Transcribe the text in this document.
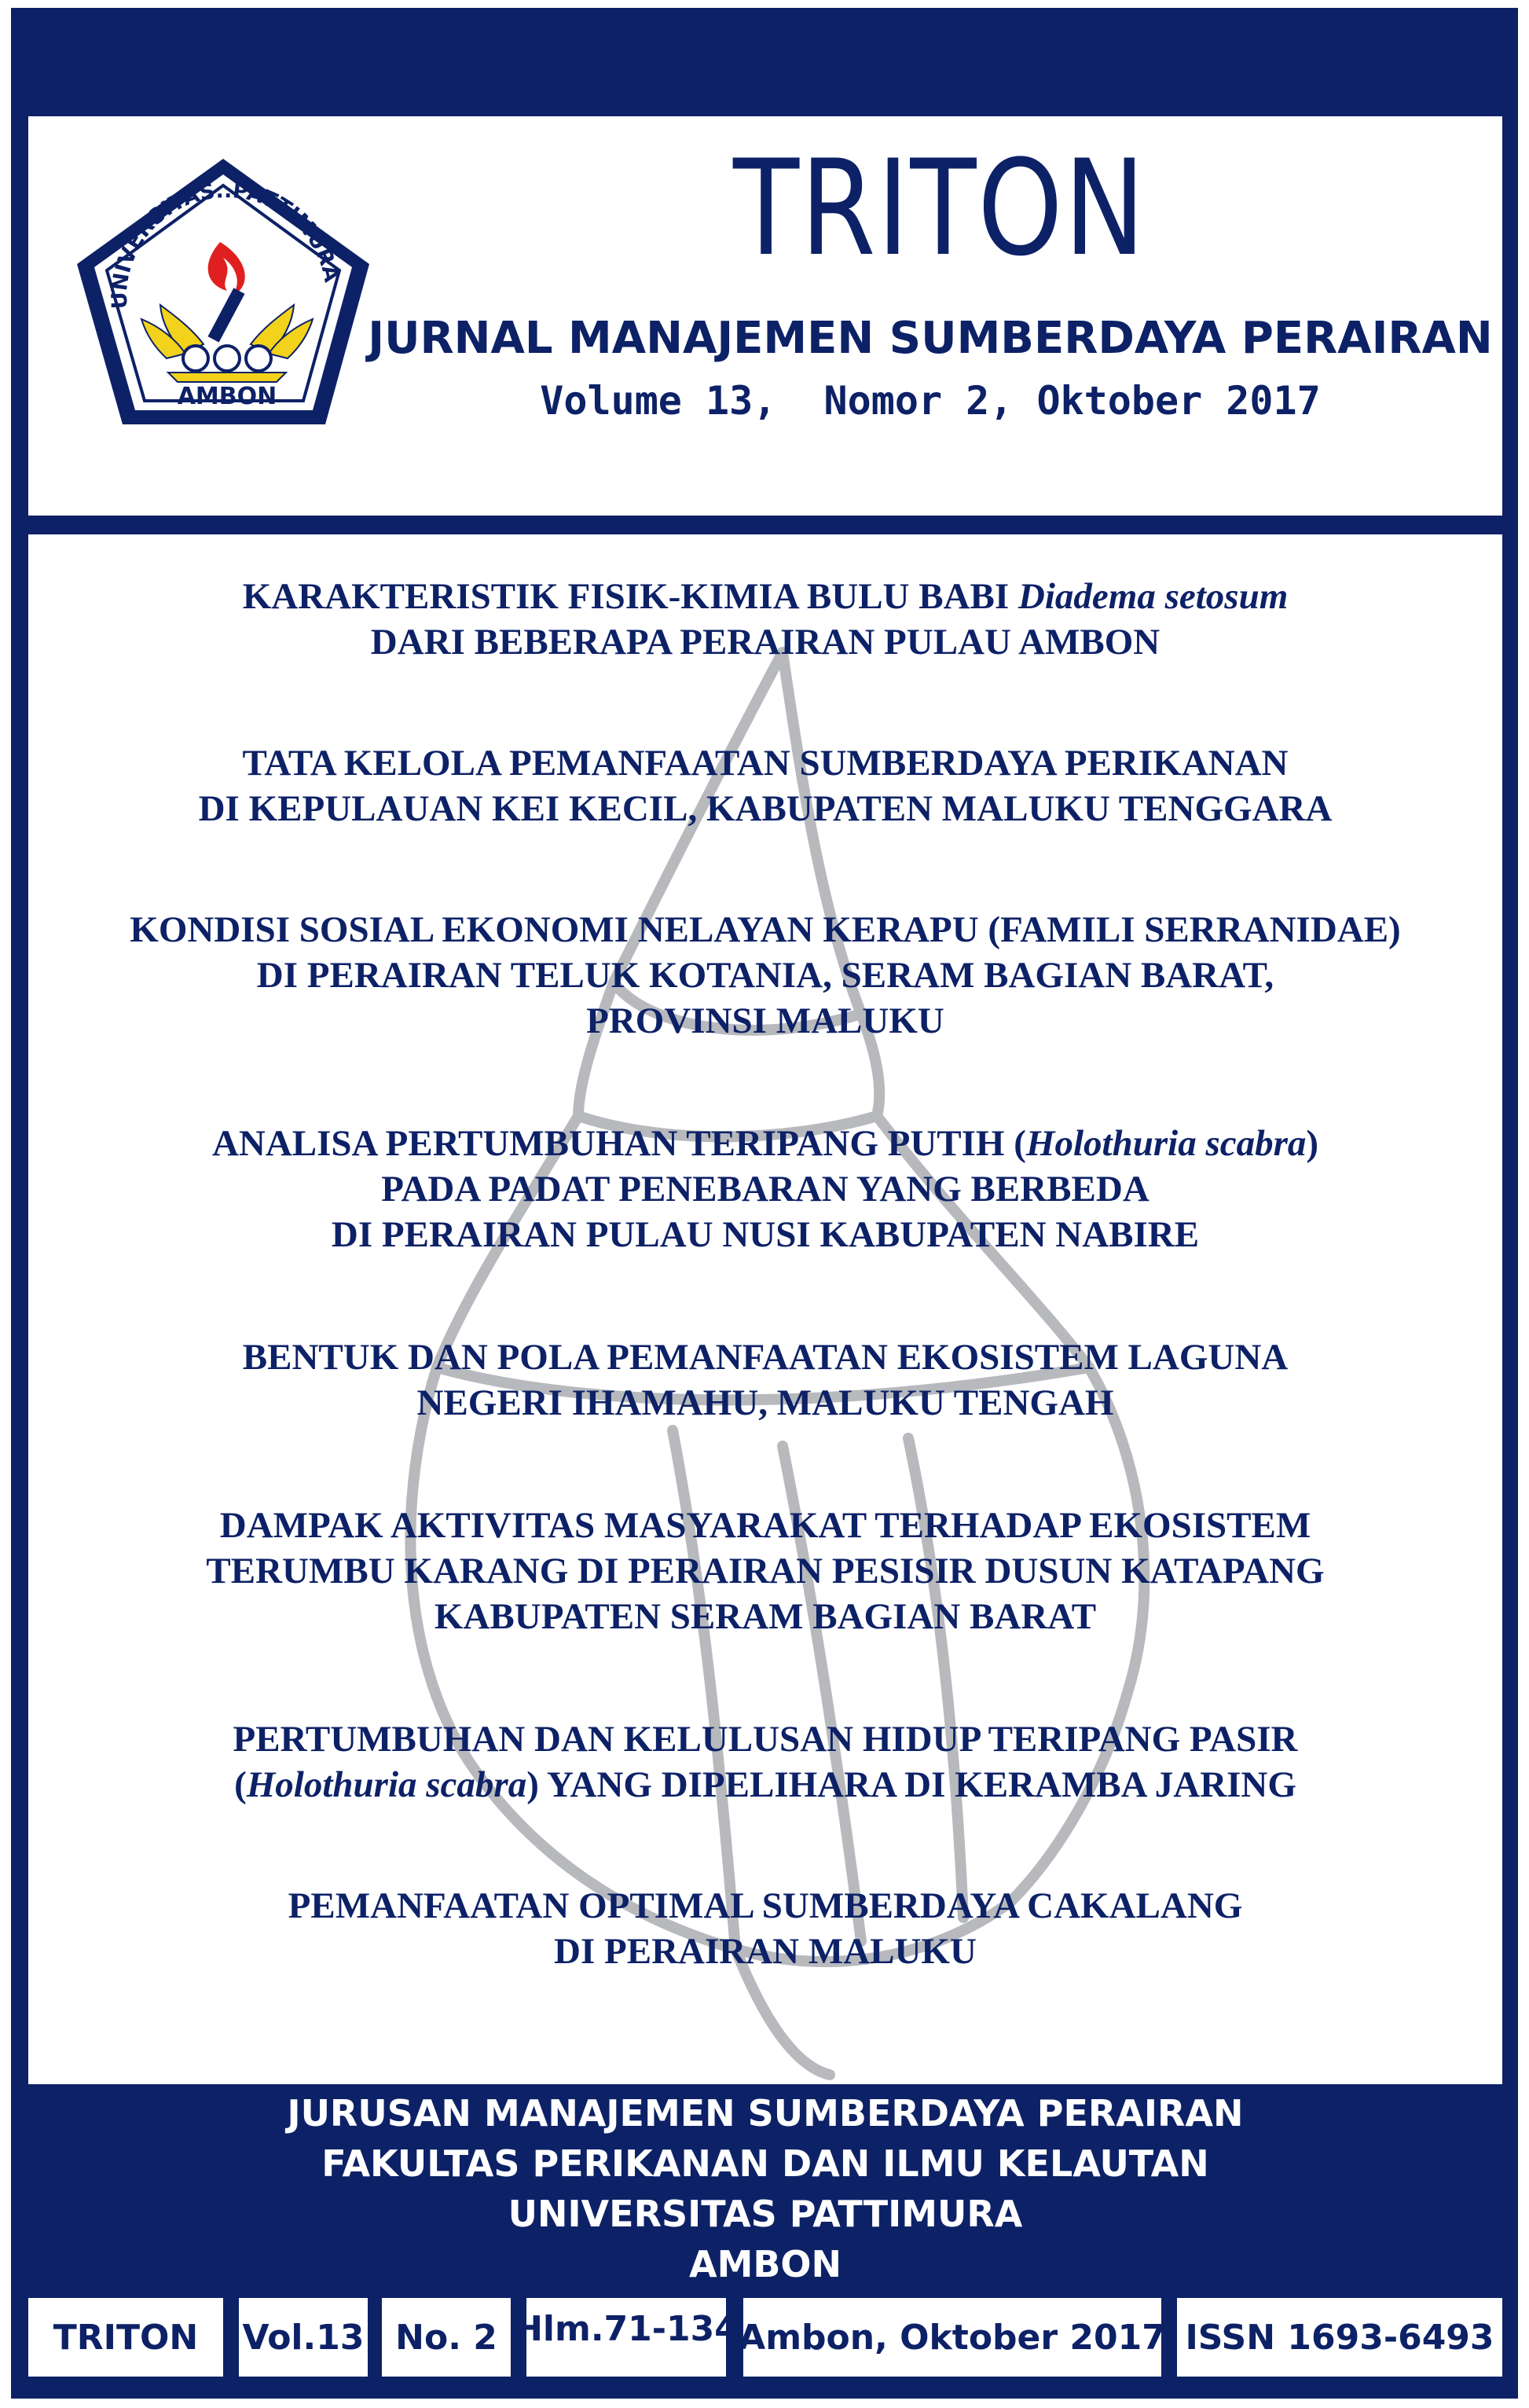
UNIVERSITAS..PATTIMURA
AMBON
TRITON
JURNAL MANAJEMEN SUMBERDAYA PERAIRAN
Volume 13,  Nomor 2, Oktober 2017
KARAKTERISTIK FISIK-KIMIA BULU BABI Diadema setosum
DARI BEBERAPA PERAIRAN PULAU AMBON
TATA KELOLA PEMANFAATAN SUMBERDAYA PERIKANAN
DI KEPULAUAN KEI KECIL, KABUPATEN MALUKU TENGGARA
KONDISI SOSIAL EKONOMI NELAYAN KERAPU (FAMILI SERRANIDAE)
DI PERAIRAN TELUK KOTANIA, SERAM BAGIAN BARAT,
PROVINSI MALUKU
ANALISA PERTUMBUHAN TERIPANG PUTIH (Holothuria scabra)
PADA PADAT PENEBARAN YANG BERBEDA
DI PERAIRAN PULAU NUSI KABUPATEN NABIRE
BENTUK DAN POLA PEMANFAATAN EKOSISTEM LAGUNA
NEGERI IHAMAHU, MALUKU TENGAH
DAMPAK AKTIVITAS MASYARAKAT TERHADAP EKOSISTEM
TERUMBU KARANG DI PERAIRAN PESISIR DUSUN KATAPANG
KABUPATEN SERAM BAGIAN BARAT
PERTUMBUHAN DAN KELULUSAN HIDUP TERIPANG PASIR
(Holothuria scabra) YANG DIPELIHARA DI KERAMBA JARING
PEMANFAATAN OPTIMAL SUMBERDAYA CAKALANG
DI PERAIRAN MALUKU
JURUSAN MANAJEMEN SUMBERDAYA PERAIRAN
FAKULTAS PERIKANAN DAN ILMU KELAUTAN
UNIVERSITAS PATTIMURA
AMBON
TRITON	Vol.13 No. 2 Hlm.71-134 Ambon, Oktober 2017 ISSN 1693-6493
